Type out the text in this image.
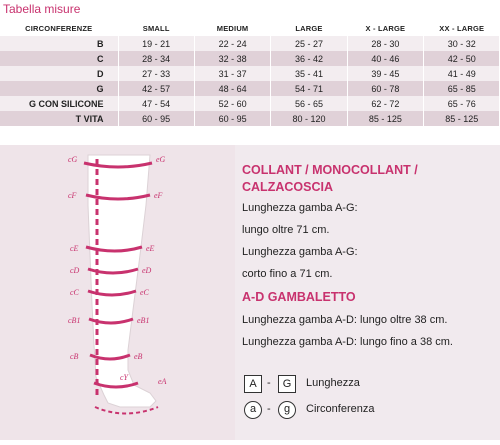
Tabella misure
CIRCONFERENZE	SMALL	MEDIUM	LARGE	X - LARGE	XX - LARGE
B	19 - 21	22 - 24	25 - 27	28 - 30	30 - 32
C	28 - 34	32 - 38	36 - 42	40 - 46	42 - 50
D	27 - 33	31 - 37	35 - 41	39 - 45	41 - 49
G	42 - 57	48 - 64	54 - 71	60 - 78	65 - 85
G CON SILICONE	47 - 54	52 - 60	56 - 65	62 - 72	65 - 76
T VITA	60 - 95	60 - 95	80 - 120	85 - 125	85 - 125
cG
cF
cE
cD
cC
cB1
cB
cY
eG
eF
eE
eD
eC
eB1
eB
eA
COLLANT / MONOCOLLANT /
CALZACOSCIA
Lunghezza gamba A-G:
lungo oltre 71 cm.
Lunghezza gamba A-G:
corto fino a 71 cm.
A-D GAMBALETTO
Lunghezza gamba A-D: lungo oltre 38 cm.
Lunghezza gamba A-D: lungo fino a 38 cm.
A -	G	Lunghezza
a -	g	Circonferenza
